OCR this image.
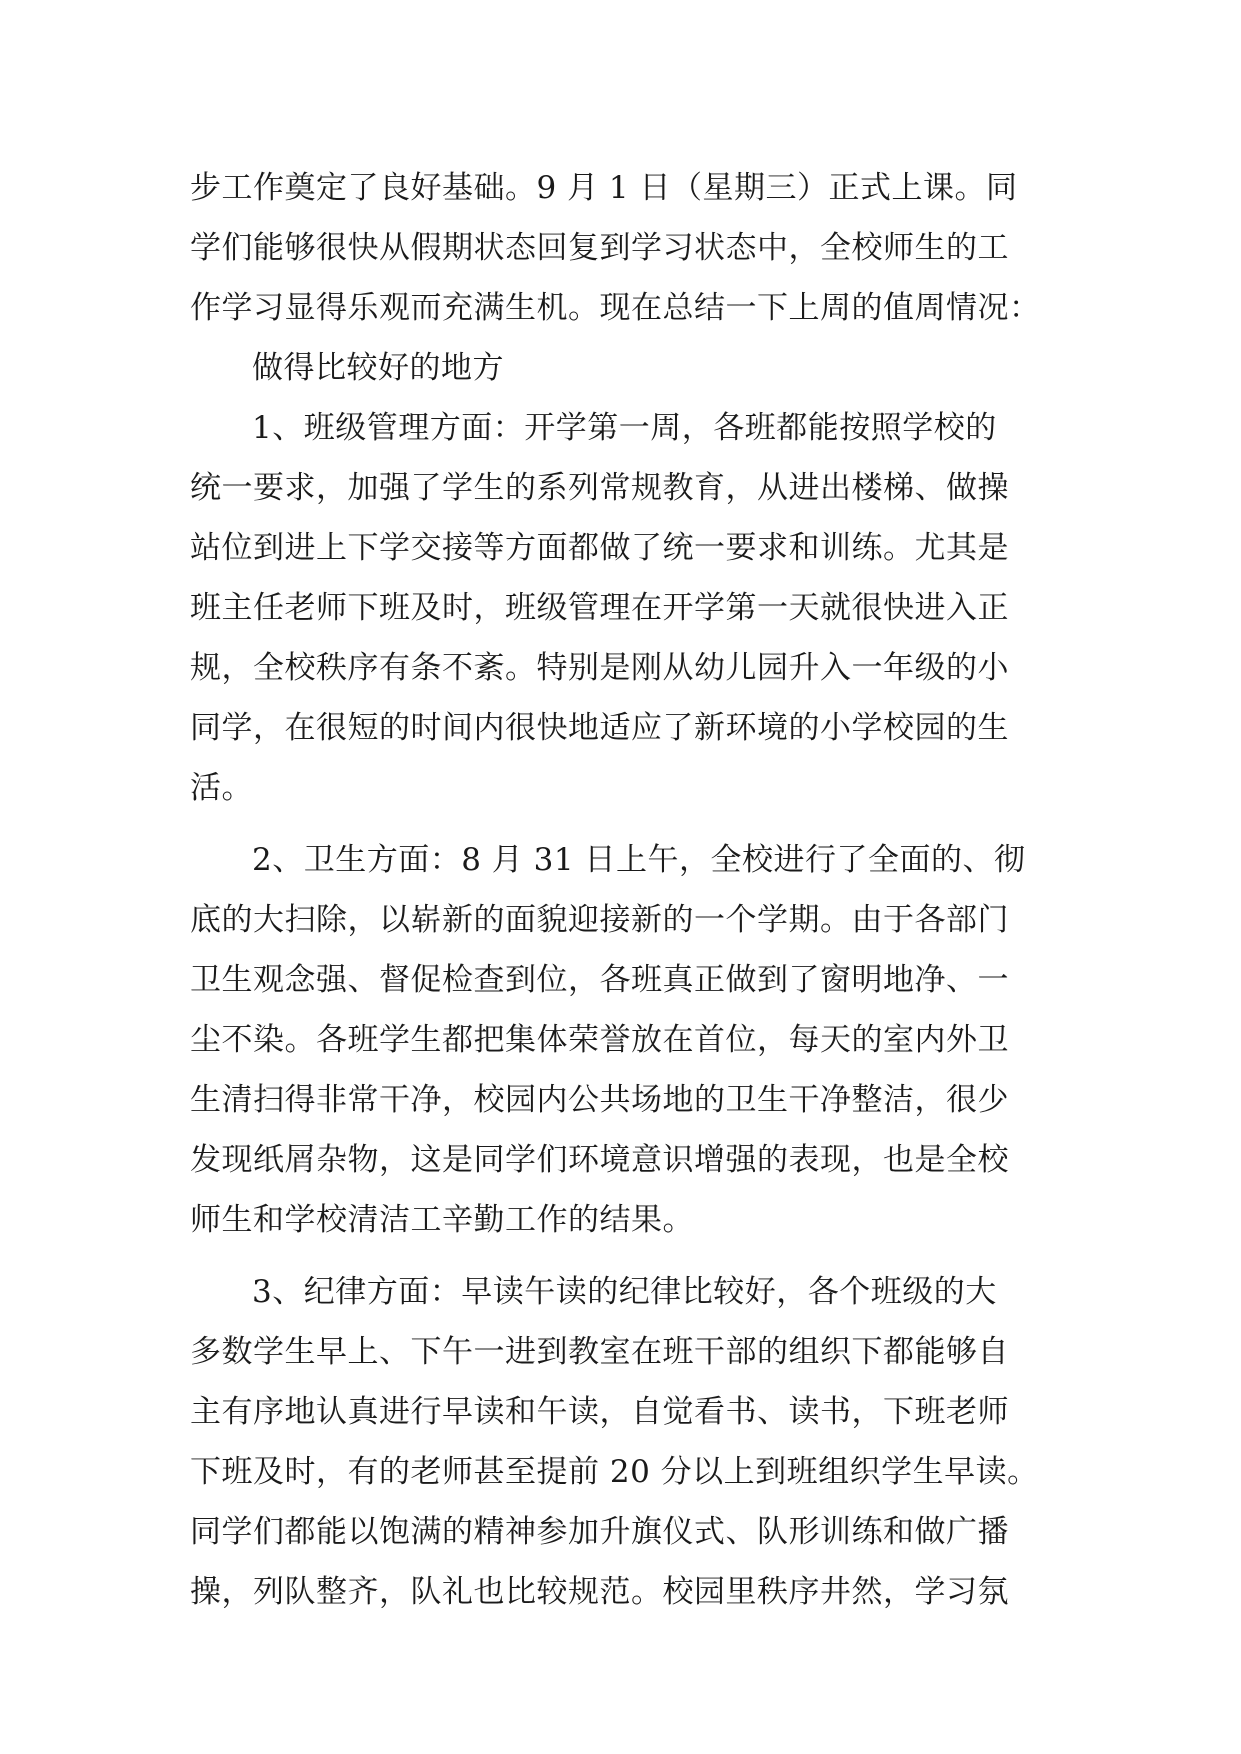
步工作奠定了良好基础。9 月 1 日（星期三）正式上课。同
学们能够很快从假期状态回复到学习状态中，全校师生的工
作学习显得乐观而充满生机。现在总结一下上周的值周情况：
做得比较好的地方
1、班级管理方面：开学第一周，各班都能按照学校的
统一要求，加强了学生的系列常规教育，从进出楼梯、做操
站位到进上下学交接等方面都做了统一要求和训练。尤其是
班主任老师下班及时，班级管理在开学第一天就很快进入正
规，全校秩序有条不紊。特别是刚从幼儿园升入一年级的小
同学，在很短的时间内很快地适应了新环境的小学校园的生
活。
2、卫生方面：8 月 31 日上午，全校进行了全面的、彻
底的大扫除，以崭新的面貌迎接新的一个学期。由于各部门
卫生观念强、督促检查到位，各班真正做到了窗明地净、一
尘不染。各班学生都把集体荣誉放在首位，每天的室内外卫
生清扫得非常干净，校园内公共场地的卫生干净整洁，很少
发现纸屑杂物，这是同学们环境意识增强的表现，也是全校
师生和学校清洁工辛勤工作的结果。
3、纪律方面：早读午读的纪律比较好，各个班级的大
多数学生早上、下午一进到教室在班干部的组织下都能够自
主有序地认真进行早读和午读，自觉看书、读书，下班老师
下班及时，有的老师甚至提前 20 分以上到班组织学生早读。
同学们都能以饱满的精神参加升旗仪式、队形训练和做广播
操，列队整齐，队礼也比较规范。校园里秩序井然，学习氛
